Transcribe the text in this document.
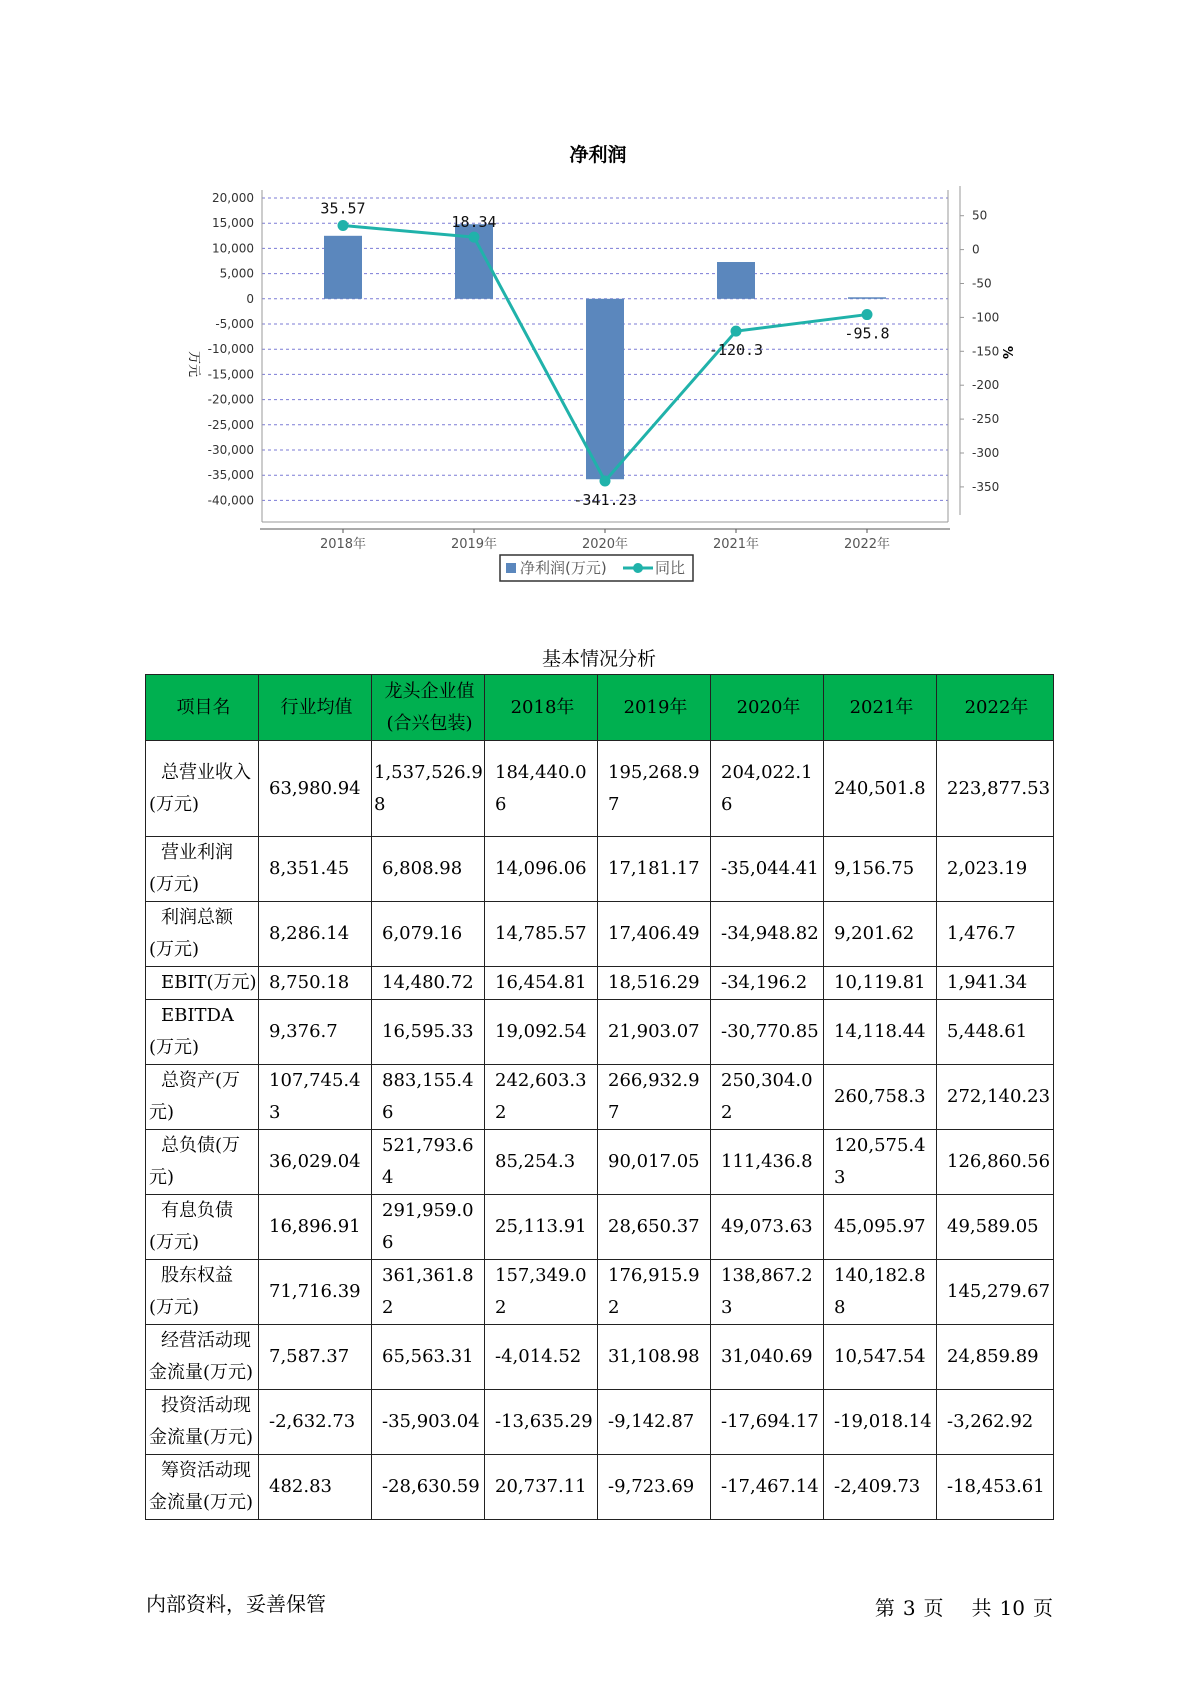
净利润
20,000
15,000
10,000
5,000
0
-5,000
-10,000
-15,000
-20,000
-25,000
-30,000
-35,000
-40,000
50
0
-50
-100
-150
-200
-250
-300
-350
35.57
18.34
-341.23
-120.3
-95.8
2018年	2019年	2020年	2021年	2022年
万元	%
净利润(万元)	同比
基本情况分析
项目名	行业均值	龙头企业值(合兴包装)	2018年	2019年	2020年	2021年	2022年
总营业收入(万元)	63,980.94	1,537,526.98	184,440.06	195,268.97	204,022.16	240,501.8	223,877.53
营业利润(万元)	8,351.45	6,808.98	14,096.06	17,181.17	-35,044.41	9,156.75	2,023.19
利润总额(万元)	8,286.14	6,079.16	14,785.57	17,406.49	-34,948.82	9,201.62	1,476.7
EBIT(万元)	8,750.18	14,480.72	16,454.81	18,516.29	-34,196.2	10,119.81	1,941.34
EBITDA(万元)	9,376.7	16,595.33	19,092.54	21,903.07	-30,770.85	14,118.44	5,448.61
总资产(万元)	107,745.43	883,155.46	242,603.32	266,932.97	250,304.02	260,758.3	272,140.23
总负债(万元)	36,029.04	521,793.64	85,254.3	90,017.05	111,436.8	120,575.43	126,860.56
有息负债(万元)	16,896.91	291,959.06	25,113.91	28,650.37	49,073.63	45,095.97	49,589.05
股东权益(万元)	71,716.39	361,361.82	157,349.02	176,915.92	138,867.23	140,182.88	145,279.67
经营活动现金流量(万元)	7,587.37	65,563.31	-4,014.52	31,108.98	31,040.69	10,547.54	24,859.89
投资活动现金流量(万元)	-2,632.73	-35,903.04	-13,635.29	-9,142.87	-17,694.17	-19,018.14	-3,262.92
筹资活动现金流量(万元)	482.83	-28,630.59	20,737.11	-9,723.69	-17,467.14	-2,409.73	-18,453.61
内部资料，妥善保管	第 3 页 共 10 页
